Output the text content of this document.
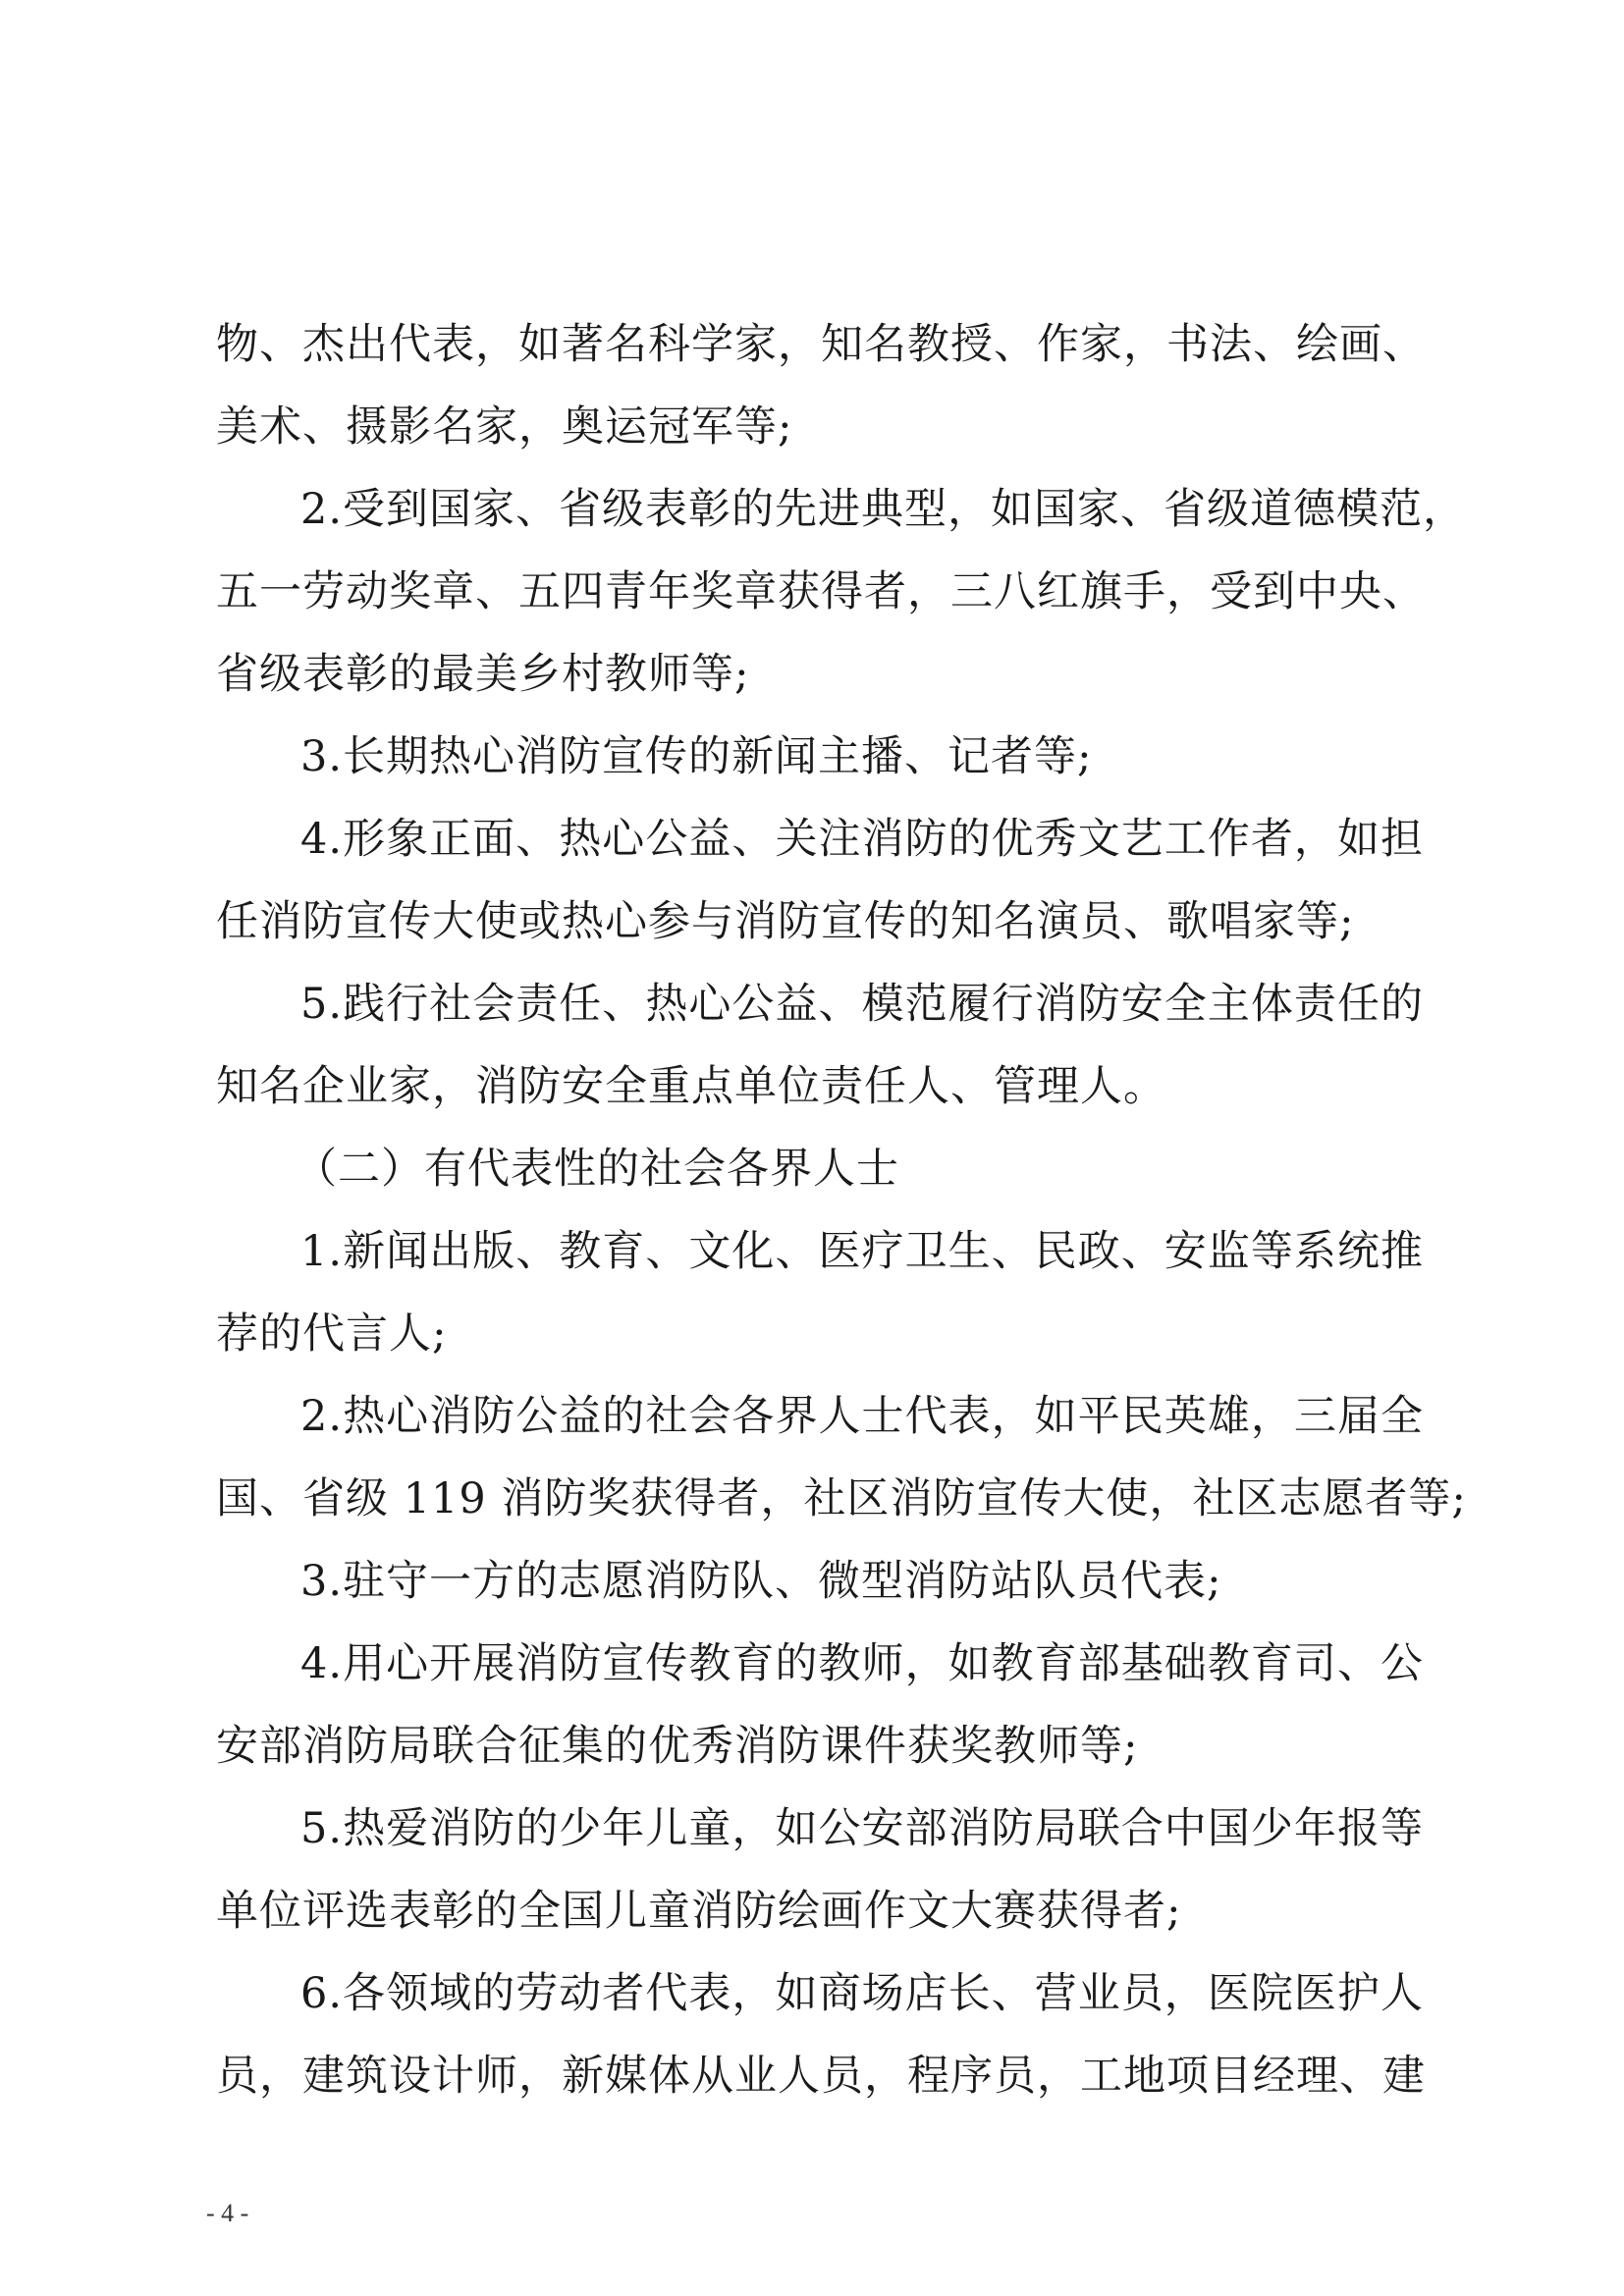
物、杰出代表，如著名科学家，知名教授、作家，书法、绘画、
美术、摄影名家，奥运冠军等;
2.受到国家、省级表彰的先进典型，如国家、省级道德模范，
五一劳动奖章、五四青年奖章获得者，三八红旗手，受到中央、
省级表彰的最美乡村教师等;
3.长期热心消防宣传的新闻主播、记者等;
4.形象正面、热心公益、关注消防的优秀文艺工作者，如担
任消防宣传大使或热心参与消防宣传的知名演员、歌唱家等;
5.践行社会责任、热心公益、模范履行消防安全主体责任的
知名企业家，消防安全重点单位责任人、管理人。
（二）有代表性的社会各界人士
1.新闻出版、教育、文化、医疗卫生、民政、安监等系统推
荐的代言人;
2.热心消防公益的社会各界人士代表，如平民英雄，三届全
国、省级 119 消防奖获得者，社区消防宣传大使，社区志愿者等;
3.驻守一方的志愿消防队、微型消防站队员代表;
4.用心开展消防宣传教育的教师，如教育部基础教育司、公
安部消防局联合征集的优秀消防课件获奖教师等;
5.热爱消防的少年儿童，如公安部消防局联合中国少年报等
单位评选表彰的全国儿童消防绘画作文大赛获得者;
6.各领域的劳动者代表，如商场店长、营业员，医院医护人
员，建筑设计师，新媒体从业人员，程序员，工地项目经理、建
- 4 -
